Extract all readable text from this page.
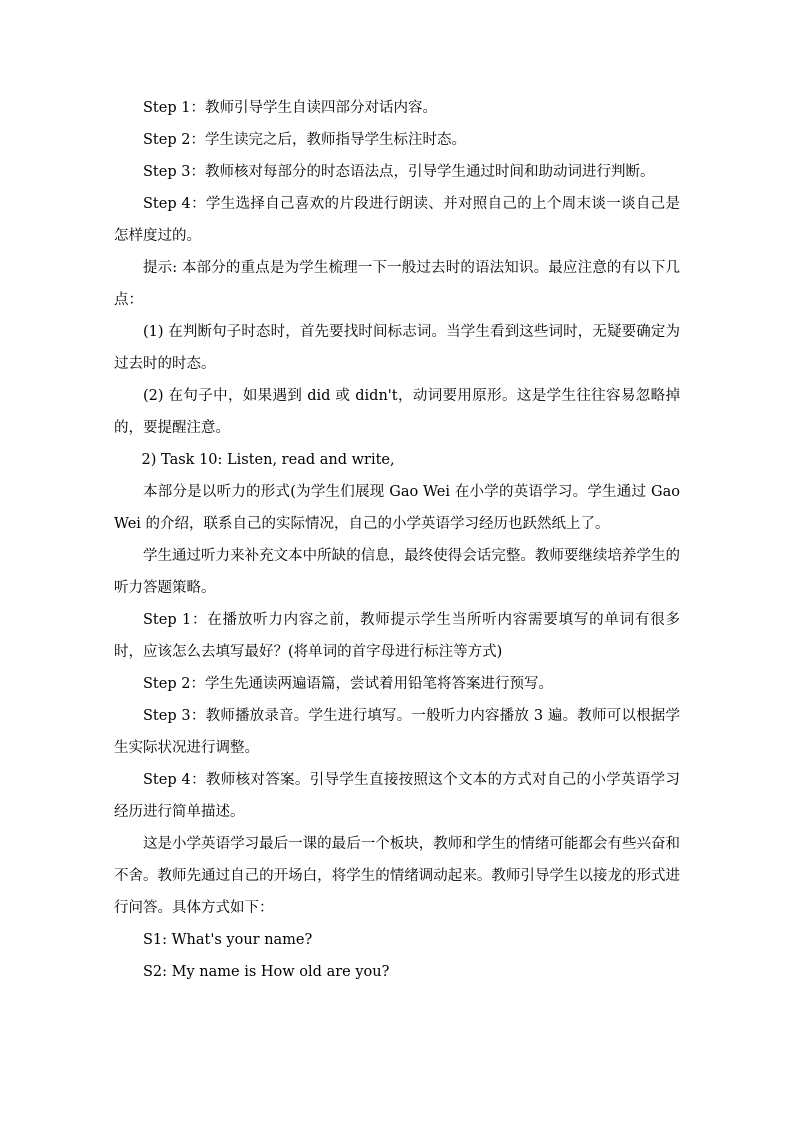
Step 1：教师引导学生自读四部分对话内容。

Step 2：学生读完之后，教师指导学生标注时态。

Step 3：教师核对每部分的时态语法点，引导学生通过时间和助动词进行判断。

Step 4：学生选择自己喜欢的片段进行朗读、并对照自己的上个周末谈一谈自己是怎样度过的。

提示: 本部分的重点是为学生梳理一下一般过去时的语法知识。最应注意的有以下几点：

(1) 在判断句子时态时，首先要找时间标志词。当学生看到这些词时，无疑要确定为过去时的时态。

(2) 在句子中，如果遇到 did 或 didn't，动词要用原形。这是学生往往容易忽略掉的，要提醒注意。

2) Task 10: Listen, read and write,

本部分是以听力的形式(为学生们展现 Gao Wei 在小学的英语学习。学生通过 Gao Wei 的介绍，联系自己的实际情况，自己的小学英语学习经历也跃然纸上了。

学生通过听力来补充文本中所缺的信息，最终使得会话完整。教师要继续培养学生的听力答题策略。

Step 1：在播放听力内容之前，教师提示学生当所听内容需要填写的单词有很多时，应该怎么去填写最好？(将单词的首字母进行标注等方式)

Step 2：学生先通读两遍语篇，尝试着用铅笔将答案进行预写。

Step 3：教师播放录音。学生进行填写。一般听力内容播放 3 遍。教师可以根据学生实际状况进行调整。

Step 4：教师核对答案。引导学生直接按照这个文本的方式对自己的小学英语学习经历进行简单描述。

这是小学英语学习最后一课的最后一个板块，教师和学生的情绪可能都会有些兴奋和不舍。教师先通过自己的开场白，将学生的情绪调动起来。教师引导学生以接龙的形式进行问答。具体方式如下：

S1: What's your name?

S2: My name is How old are you?
